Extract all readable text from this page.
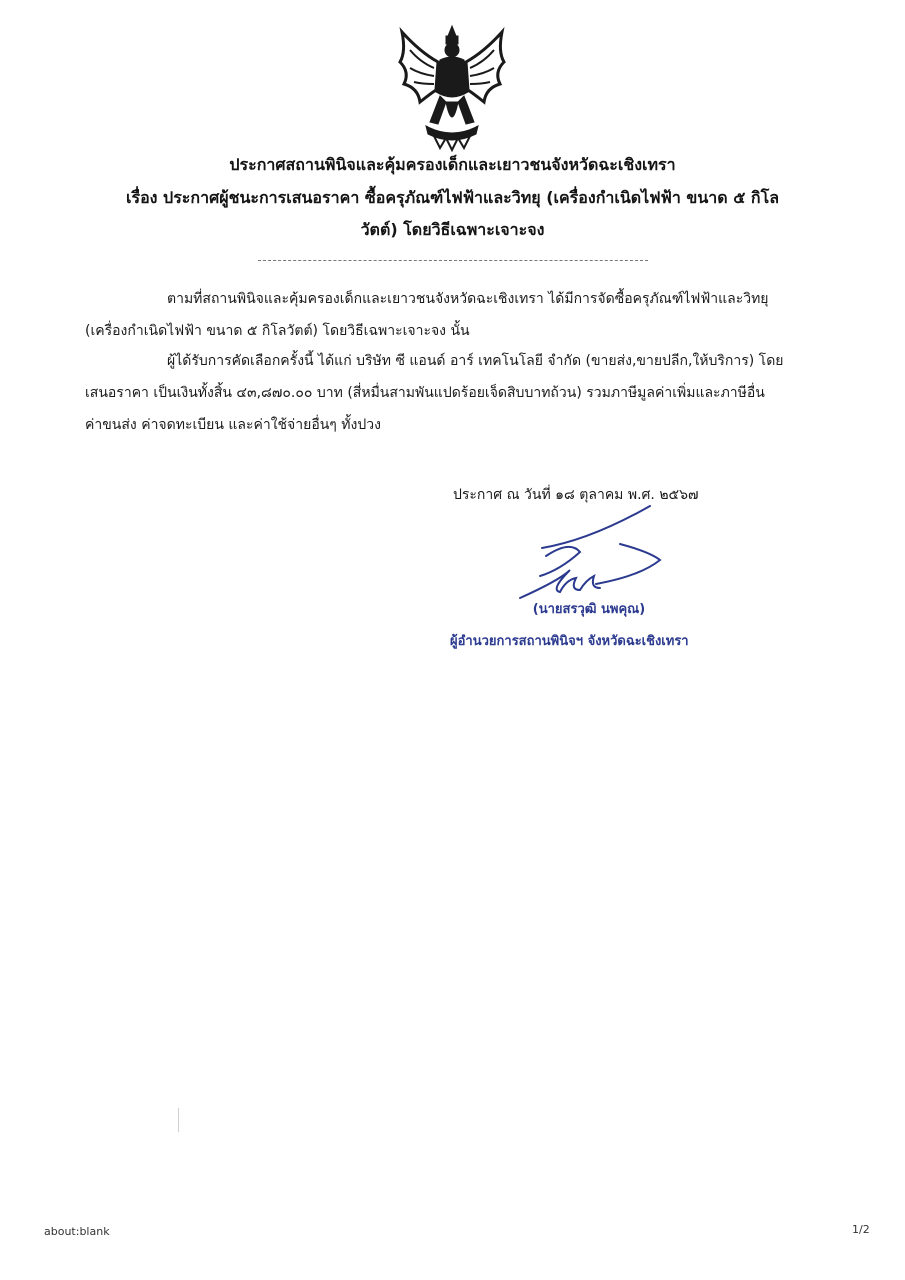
ประกาศสถานพินิจและคุ้มครองเด็กและเยาวชนจังหวัดฉะเชิงเทรา
เรื่อง ประกาศผู้ชนะการเสนอราคา ซื้อครุภัณฑ์ไฟฟ้าและวิทยุ (เครื่องกำเนิดไฟฟ้า ขนาด ๕ กิโล
วัตต์) โดยวิธีเฉพาะเจาะจง
ตามที่สถานพินิจและคุ้มครองเด็กและเยาวชนจังหวัดฉะเชิงเทรา ได้มีการจัดซื้อครุภัณฑ์ไฟฟ้าและวิทยุ
(เครื่องกำเนิดไฟฟ้า ขนาด ๕ กิโลวัตต์) โดยวิธีเฉพาะเจาะจง นั้น
ผู้ได้รับการคัดเลือกครั้งนี้ ได้แก่ บริษัท ซี แอนด์ อาร์ เทคโนโลยี จำกัด (ขายส่ง,ขายปลีก,ให้บริการ) โดย
เสนอราคา เป็นเงินทั้งสิ้น ๔๓,๘๗๐.๐๐ บาท (สี่หมื่นสามพันแปดร้อยเจ็ดสิบบาทถ้วน) รวมภาษีมูลค่าเพิ่มและภาษีอื่น
ค่าขนส่ง ค่าจดทะเบียน และค่าใช้จ่ายอื่นๆ ทั้งปวง
ประกาศ ณ วันที่ ๑๘ ตุลาคม พ.ศ. ๒๕๖๗
(นายสรวุฒิ นพคุณ)
ผู้อำนวยการสถานพินิจฯ จังหวัดฉะเชิงเทรา
about:blank	1/2
